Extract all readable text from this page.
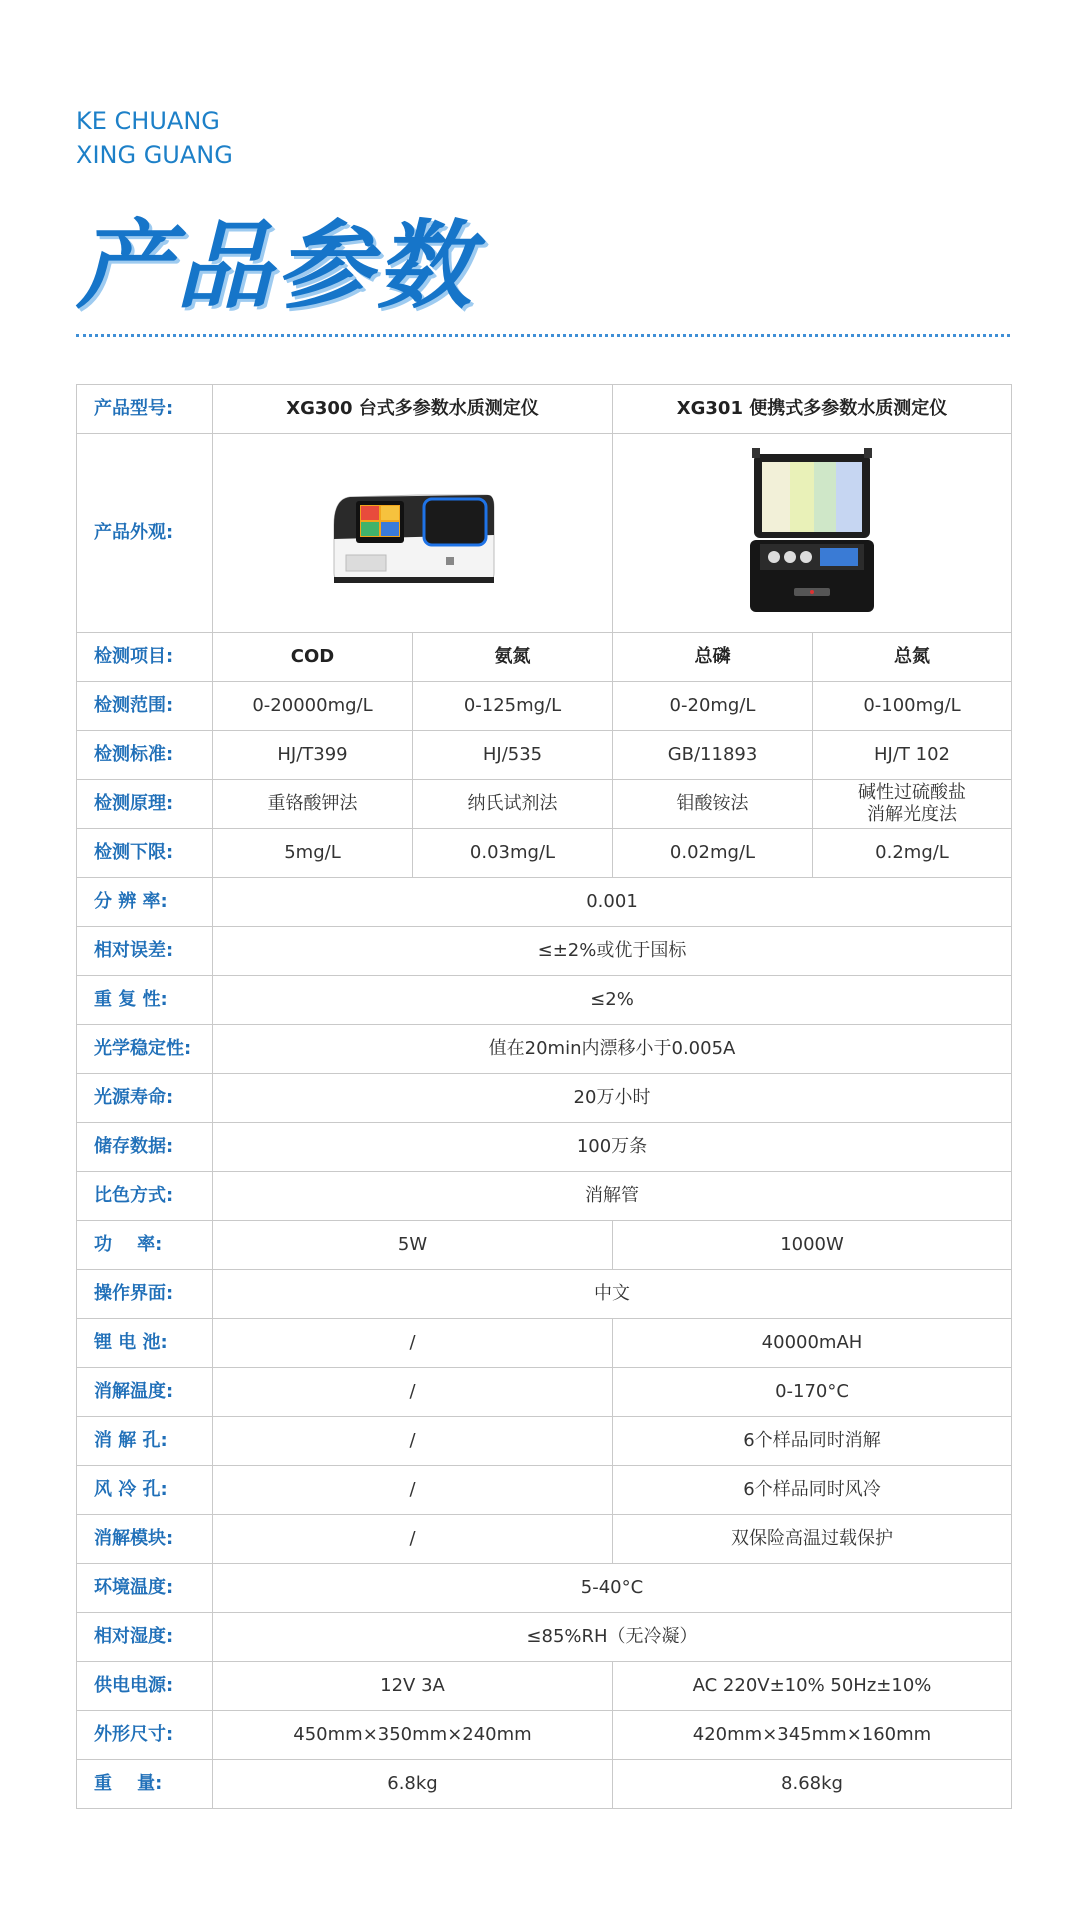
KE CHUANG
XING GUANG
产品参数
产品型号:	XG300 台式多参数水质测定仪		XG301 便携式多参数水质测定仪	
产品外观:	

检测项目:	COD	氨氮	总磷	总氮
检测范围:	0-20000mg/L	0-125mg/L	0-20mg/L	0-100mg/L
检测标准:	HJ/T399	HJ/535	GB/11893	HJ/T 102
检测原理:	重铬酸钾法	纳氏试剂法	钼酸铵法	碱性过硫酸盐
消解光度法
检测下限:	5mg/L	0.03mg/L	0.02mg/L	0.2mg/L
分 辨 率:	0.001			
相对误差:	≤±2%或优于国标			
重 复 性:	≤2%			
光学稳定性:	值在20min内漂移小于0.005A			
光源寿命:	20万小时			
储存数据:	100万条			
比色方式:	消解管			
功    率:	5W		1000W	
操作界面:	中文			
锂 电 池:	/		40000mAH	
消解温度:	/		0-170°C	
消 解 孔:	/		6个样品同时消解	
风 冷 孔:	/		6个样品同时风冷	
消解模块:	/		双保险高温过载保护	
环境温度:	5-40°C			
相对湿度:	≤85%RH（无冷凝）			
供电电源:	12V 3A		AC 220V±10% 50Hz±10%	
外形尺寸:	450mm×350mm×240mm		420mm×345mm×160mm	
重    量:	6.8kg		8.68kg	
